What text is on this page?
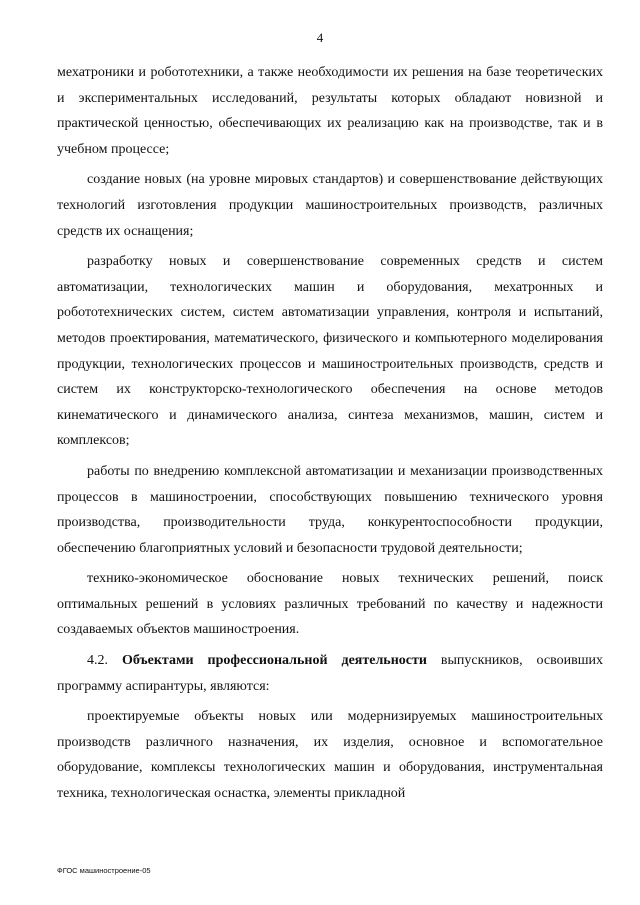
4

мехатроники и робототехники, а также необходимости их решения на базе теоретических и экспериментальных исследований, результаты которых обладают новизной и практической ценностью, обеспечивающих их реализацию как на производстве, так и в учебном процессе;

создание новых (на уровне мировых стандартов) и совершенствование действующих технологий изготовления продукции машиностроительных производств, различных средств их оснащения;

разработку новых и совершенствование современных средств и систем автоматизации, технологических машин и оборудования, мехатронных и робототехнических систем, систем автоматизации управления, контроля и испытаний, методов проектирования, математического, физического и компьютерного моделирования продукции, технологических процессов и машиностроительных производств, средств и систем их конструкторско-технологического обеспечения на основе методов кинематического и динамического анализа, синтеза механизмов, машин, систем и комплексов;

работы по внедрению комплексной автоматизации и механизации производственных процессов в машиностроении, способствующих повышению технического уровня производства, производительности труда, конкурентоспособности продукции, обеспечению благоприятных условий и безопасности трудовой деятельности;

технико-экономическое обоснование новых технических решений, поиск оптимальных решений в условиях различных требований по качеству и надежности создаваемых объектов машиностроения.

4.2. Объектами профессиональной деятельности выпускников, освоивших программу аспирантуры, являются:

проектируемые объекты новых или модернизируемых машиностроительных производств различного назначения, их изделия, основное и вспомогательное оборудование, комплексы технологических машин и оборудования, инструментальная техника, технологическая оснастка, элементы прикладной

ФГОС машиностроение-05
